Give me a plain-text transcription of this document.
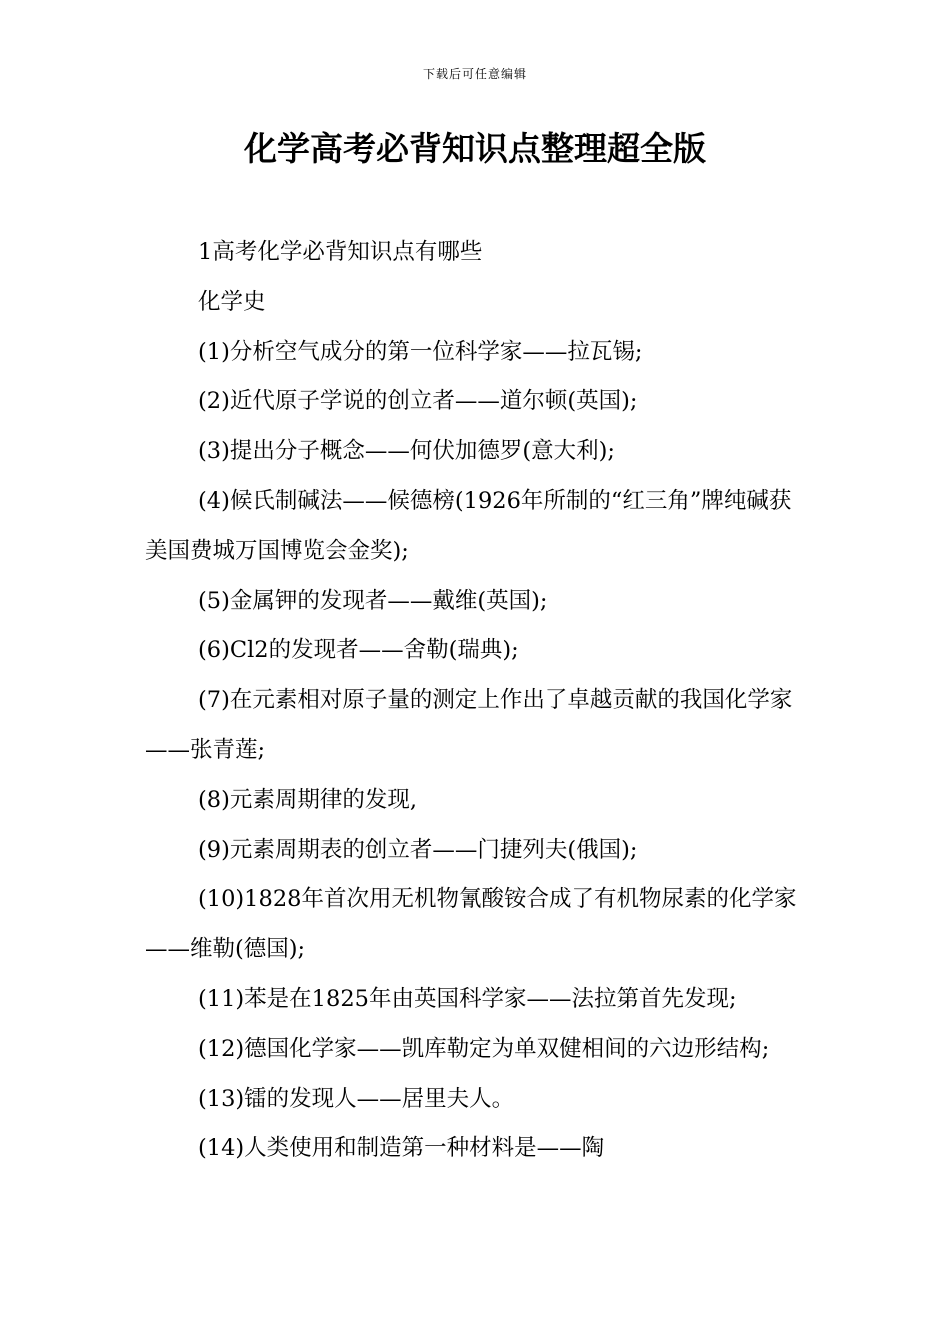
下载后可任意编辑
化学高考必背知识点整理超全版

1高考化学必背知识点有哪些

化学史

(1)分析空气成分的第一位科学家——拉瓦锡;

(2)近代原子学说的创立者——道尔顿(英国);

(3)提出分子概念——何伏加德罗(意大利);

(4)候氏制碱法——候德榜(1926年所制的“红三角”牌纯碱获美国费城万国博览会金奖);

(5)金属钾的发现者——戴维(英国);

(6)Cl2的发现者——舍勒(瑞典);

(7)在元素相对原子量的测定上作出了卓越贡献的我国化学家——张青莲;

(8)元素周期律的发现,

(9)元素周期表的创立者——门捷列夫(俄国);

(10)1828年首次用无机物氰酸铵合成了有机物尿素的化学家——维勒(德国);

(11)苯是在1825年由英国科学家——法拉第首先发现;

(12)德国化学家——凯库勒定为单双健相间的六边形结构;

(13)镭的发现人——居里夫人。

(14)人类使用和制造第一种材料是——陶
